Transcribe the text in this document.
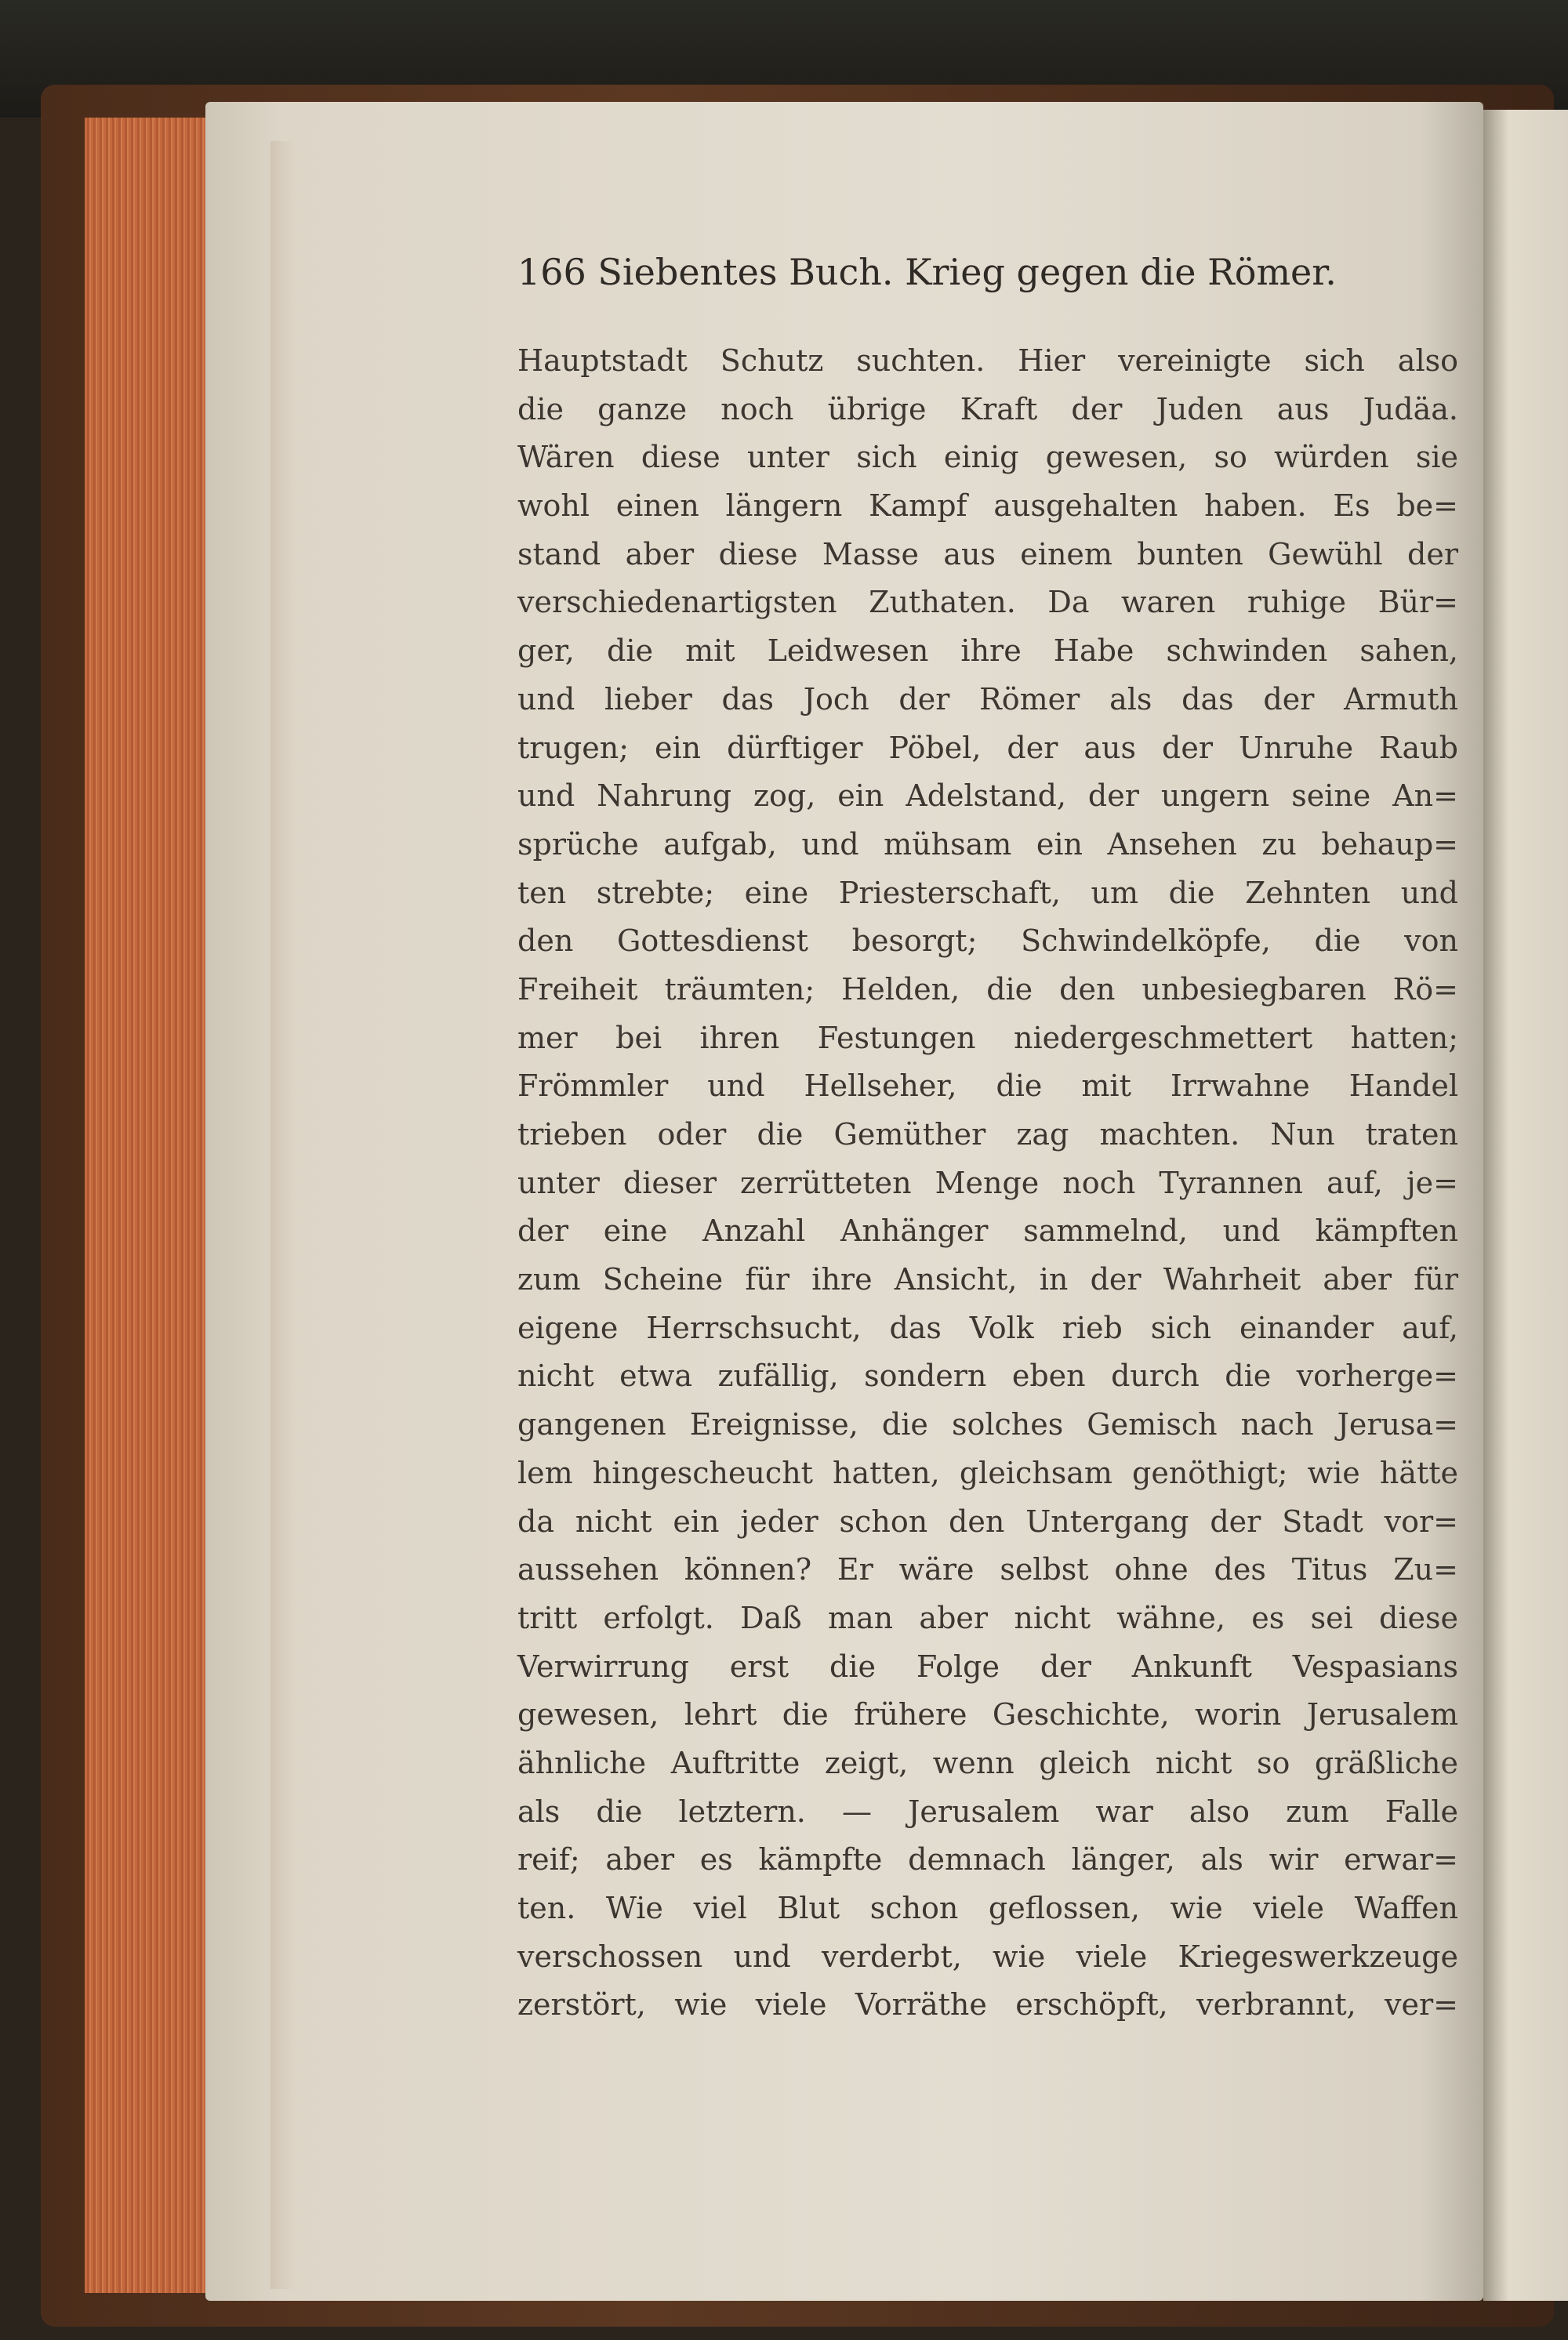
166 Siebentes Buch. Krieg gegen die Römer.
Hauptstadt Schutz suchten. Hier vereinigte sich also
die ganze noch übrige Kraft der Juden aus Judäa.
Wären diese unter sich einig gewesen, so würden sie
wohl einen längern Kampf ausgehalten haben. Es be=
stand aber diese Masse aus einem bunten Gewühl der
verschiedenartigsten Zuthaten. Da waren ruhige Bür=
ger, die mit Leidwesen ihre Habe schwinden sahen,
und lieber das Joch der Römer als das der Armuth
trugen; ein dürftiger Pöbel, der aus der Unruhe Raub
und Nahrung zog, ein Adelstand, der ungern seine An=
sprüche aufgab, und mühsam ein Ansehen zu behaup=
ten strebte; eine Priesterschaft, um die Zehnten und
den Gottesdienst besorgt; Schwindelköpfe, die von
Freiheit träumten; Helden, die den unbesiegbaren Rö=
mer bei ihren Festungen niedergeschmettert hatten;
Frömmler und Hellseher, die mit Irrwahne Handel
trieben oder die Gemüther zag machten. Nun traten
unter dieser zerrütteten Menge noch Tyrannen auf, je=
der eine Anzahl Anhänger sammelnd, und kämpften
zum Scheine für ihre Ansicht, in der Wahrheit aber für
eigene Herrschsucht, das Volk rieb sich einander auf,
nicht etwa zufällig, sondern eben durch die vorherge=
gangenen Ereignisse, die solches Gemisch nach Jerusa=
lem hingescheucht hatten, gleichsam genöthigt; wie hätte
da nicht ein jeder schon den Untergang der Stadt vor=
aussehen können? Er wäre selbst ohne des Titus Zu=
tritt erfolgt. Daß man aber nicht wähne, es sei diese
Verwirrung erst die Folge der Ankunft Vespasians
gewesen, lehrt die frühere Geschichte, worin Jerusalem
ähnliche Auftritte zeigt, wenn gleich nicht so gräßliche
als die letztern. — Jerusalem war also zum Falle
reif; aber es kämpfte demnach länger, als wir erwar=
ten. Wie viel Blut schon geflossen, wie viele Waffen
verschossen und verderbt, wie viele Kriegeswerkzeuge
zerstört, wie viele Vorräthe erschöpft, verbrannt, ver=
